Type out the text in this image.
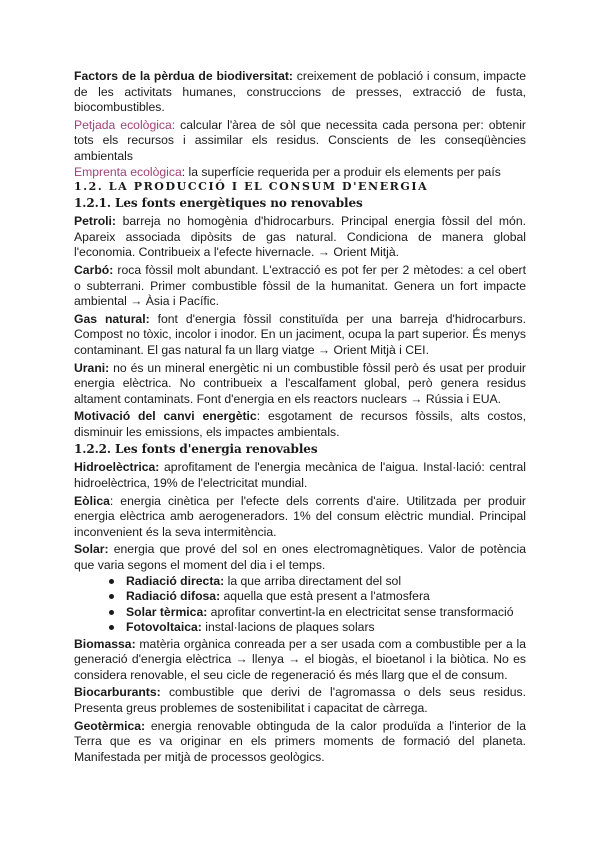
Factors de la pèrdua de biodiversitat: creixement de població i consum, impacte de les activitats humanes, construccions de presses, extracció de fusta, biocombustibles.

Petjada ecològica: calcular l'àrea de sòl que necessita cada persona per: obtenir tots els recursos i assimilar els residus. Conscients de les conseqüències ambientals

Emprenta ecològica: la superfície requerida per a produir els elements per país

1.2. LA PRODUCCIÓ I EL CONSUM D'ENERGIA
1.2.1. Les fonts energètiques no renovables

Petroli: barreja no homogènia d'hidrocarburs. Principal energia fòssil del món. Apareix associada dipòsits de gas natural. Condiciona de manera global l'economia. Contribueix a l'efecte hivernacle. → Orient Mitjà.

Carbó: roca fòssil molt abundant. L'extracció es pot fer per 2 mètodes: a cel obert o subterrani. Primer combustible fòssil de la humanitat. Genera un fort impacte ambiental → Àsia i Pacífic.

Gas natural: font d'energia fòssil constituïda per una barreja d'hidrocarburs. Compost no tòxic, incolor i inodor. En un jaciment, ocupa la part superior. És menys contaminant. El gas natural fa un llarg viatge → Orient Mitjà i CEI.

Urani: no és un mineral energètic ni un combustible fòssil però és usat per produir energia elèctrica. No contribueix a l'escalfament global, però genera residus altament contaminats. Font d'energia en els reactors nuclears → Rússia i EUA.

Motivació del canvi energètic: esgotament de recursos fòssils, alts costos, disminuir les emissions, els impactes ambientals.

1.2.2. Les fonts d'energia renovables

Hidroelèctrica: aprofitament de l'energia mecànica de l'aigua. Instal·lació: central hidroelèctrica, 19% de l'electricitat mundial.

Eòlica: energia cinètica per l'efecte dels corrents d'aire. Utilitzada per produir energia elèctrica amb aerogeneradors. 1% del consum elèctric mundial. Principal inconvenient és la seva intermitència.

Solar: energia que prové del sol en ones electromagnètiques. Valor de potència que varia segons el moment del dia i el temps.

Radiació directa: la que arriba directament del sol
Radiació difosa: aquella que està present a l'atmosfera
Solar tèrmica: aprofitar convertint-la en electricitat sense transformació
Fotovoltaica: instal·lacions de plaques solars

Biomassa: matèria orgànica conreada per a ser usada com a combustible per a la generació d'energia elèctrica → llenya → el biogàs, el bioetanol i la biòtica. No es considera renovable, el seu cicle de regeneració és més llarg que el de consum.

Biocarburants: combustible que derivi de l'agromassa o dels seus residus. Presenta greus problemes de sostenibilitat i capacitat de càrrega.

Geotèrmica: energia renovable obtinguda de la calor produïda a l'interior de la Terra que es va originar en els primers moments de formació del planeta. Manifestada per mitjà de processos geològics.
